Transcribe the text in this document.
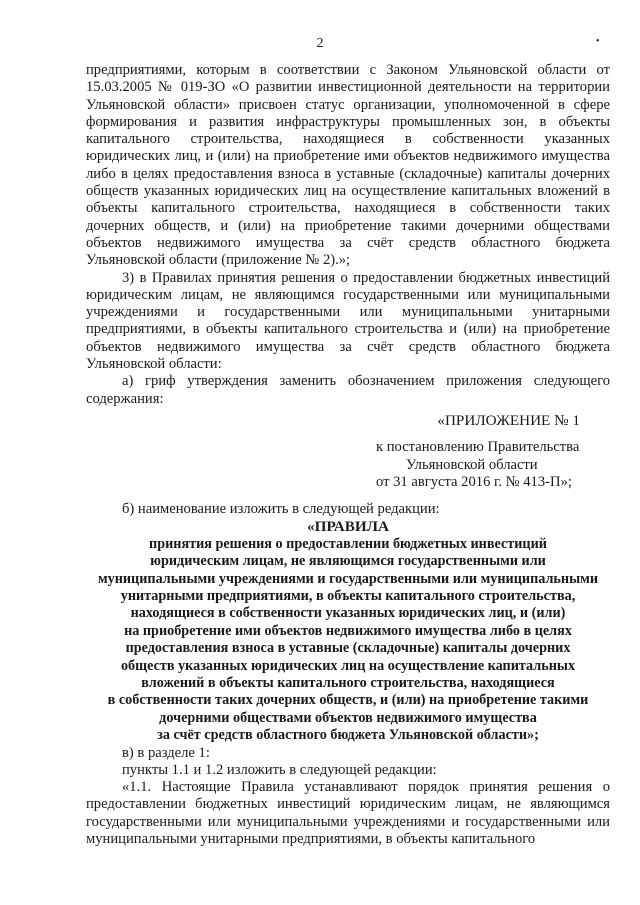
2	•

предприятиями, которым в соответствии с Законом Ульяновской области от 15.03.2005 № 019-ЗО «О развитии инвестиционной деятельности на территории Ульяновской области» присвоен статус организации, уполномоченной в сфере формирования и развития инфраструктуры промышленных зон, в объекты капитального строительства, находящиеся в собственности указанных юридических лиц, и (или) на приобретение ими объектов недвижимого имущества либо в целях предоставления взноса в уставные (складочные) капиталы дочерних обществ указанных юридических лиц на осуществление капитальных вложений в объекты капитального строительства, находящиеся в собственности таких дочерних обществ, и (или) на приобретение такими дочерними обществами объектов недвижимого имущества за счёт средств областного бюджета Ульяновской области (приложение № 2).»;

3) в Правилах принятия решения о предоставлении бюджетных инвестиций юридическим лицам, не являющимся государственными или муниципальными учреждениями и государственными или муниципальными унитарными предприятиями, в объекты капитального строительства и (или) на приобретение объектов недвижимого имущества за счёт средств областного бюджета Ульяновской области:

а) гриф утверждения заменить обозначением приложения следующего содержания:

«ПРИЛОЖЕНИЕ № 1
к постановлению Правительства
Ульяновской области
от 31 августа 2016 г. № 413-П»;

б) наименование изложить в следующей редакции:

«ПРАВИЛА
принятия решения о предоставлении бюджетных инвестиций
юридическим лицам, не являющимся государственными или
муниципальными учреждениями и государственными или муниципальными
унитарными предприятиями, в объекты капитального строительства,
находящиеся в собственности указанных юридических лиц, и (или)
на приобретение ими объектов недвижимого имущества либо в целях
предоставления взноса в уставные (складочные) капиталы дочерних
обществ указанных юридических лиц на осуществление капитальных
вложений в объекты капитального строительства, находящиеся
в собственности таких дочерних обществ, и (или) на приобретение такими
дочерними обществами объектов недвижимого имущества
за счёт средств областного бюджета Ульяновской области»;

в) в разделе 1:

пункты 1.1 и 1.2 изложить в следующей редакции:

«1.1. Настоящие Правила устанавливают порядок принятия решения о предоставлении бюджетных инвестиций юридическим лицам, не являющимся государственными или муниципальными учреждениями и государственными или муниципальными унитарными предприятиями, в объекты капитального
